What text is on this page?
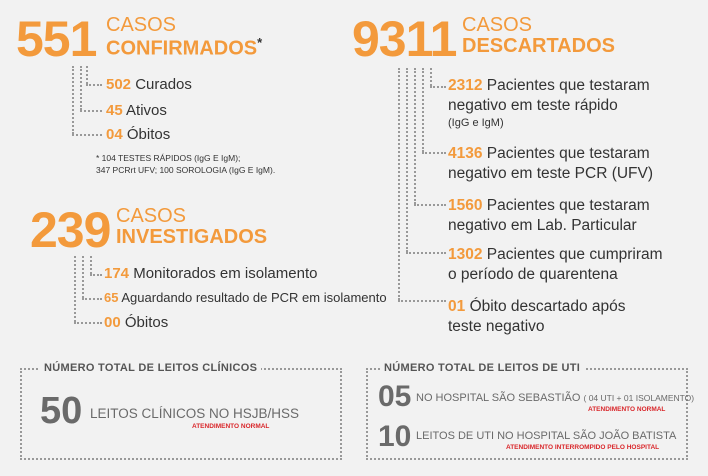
551 CASOS
CONFIRMADOS*
502 Curados
45 Ativos
04 Óbitos
* 104 TESTES RÁPIDOS (IgG E IgM);
347 PCRrt UFV; 100 SOROLOGIA (IgG E IgM).
239 CASOS
INVESTIGADOS
174 Monitorados em isolamento
65 Aguardando resultado de PCR em isolamento
00 Óbitos
9311 CASOS
DESCARTADOS
2312 Pacientes que testaram
negativo em teste rápido
(IgG e IgM)
4136 Pacientes que testaram
negativo em teste PCR (UFV)
1560 Pacientes que testaram
negativo em Lab. Particular
1302 Pacientes que cumpriram
o período de quarentena
01 Óbito descartado após
teste negativo
NÚMERO TOTAL DE LEITOS CLÍNICOS
50 LEITOS CLÍNICOS NO HSJB/HSS
ATENDIMENTO NORMAL
NÚMERO TOTAL DE LEITOS DE UTI
05 NO HOSPITAL SÃO SEBASTIÃO ( 04 UTI + 01 ISOLAMENTO)
ATENDIMENTO NORMAL
10 LEITOS DE UTI NO HOSPITAL SÃO JOÃO BATISTA
ATENDIMENTO INTERROMPIDO PELO HOSPITAL
